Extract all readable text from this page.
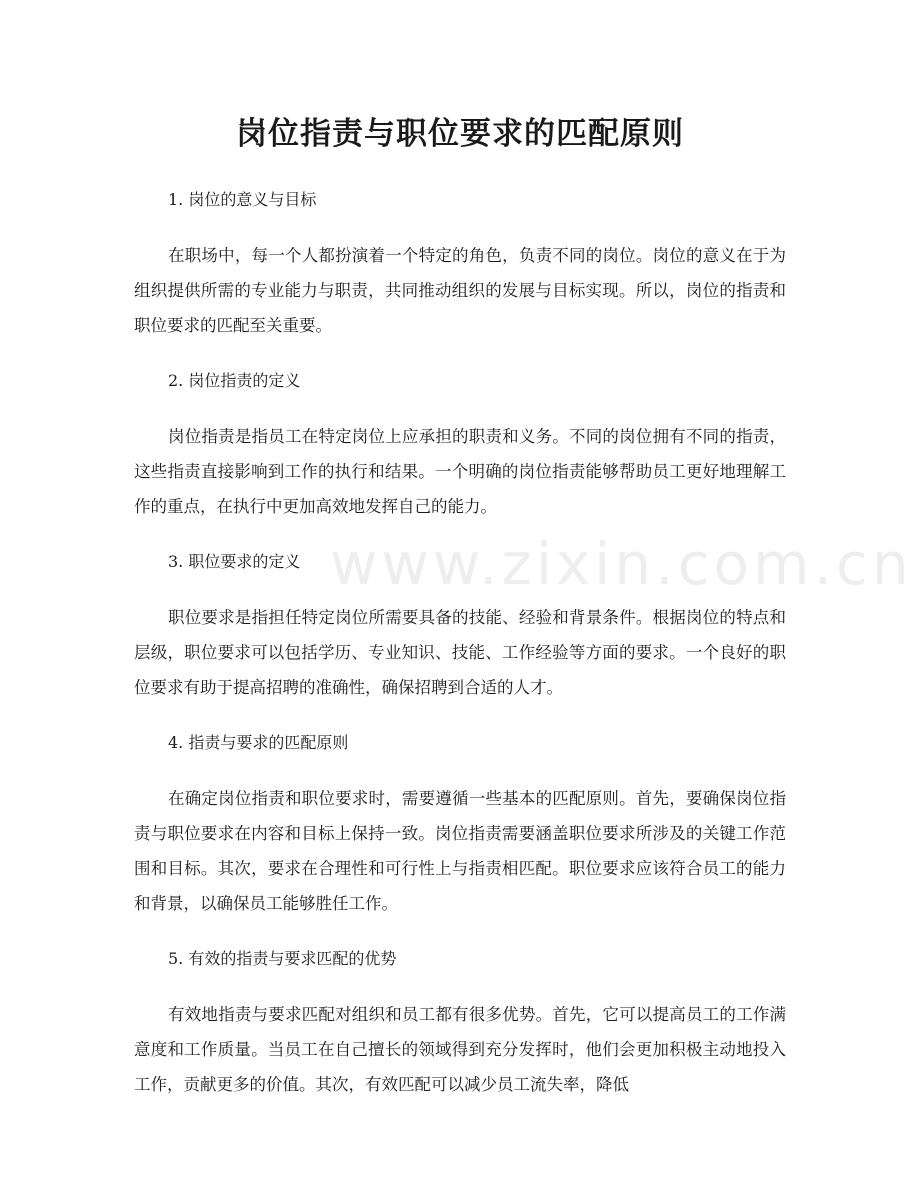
www.zixin.com.cn
岗位指责与职位要求的匹配原则
1. 岗位的意义与目标

在职场中，每一个人都扮演着一个特定的角色，负责不同的岗位。岗位的意义在于为组织提供所需的专业能力与职责，共同推动组织的发展与目标实现。所以，岗位的指责和职位要求的匹配至关重要。

2. 岗位指责的定义

岗位指责是指员工在特定岗位上应承担的职责和义务。不同的岗位拥有不同的指责，这些指责直接影响到工作的执行和结果。一个明确的岗位指责能够帮助员工更好地理解工作的重点，在执行中更加高效地发挥自己的能力。

3. 职位要求的定义

职位要求是指担任特定岗位所需要具备的技能、经验和背景条件。根据岗位的特点和层级，职位要求可以包括学历、专业知识、技能、工作经验等方面的要求。一个良好的职位要求有助于提高招聘的准确性，确保招聘到合适的人才。

4. 指责与要求的匹配原则

在确定岗位指责和职位要求时，需要遵循一些基本的匹配原则。首先，要确保岗位指责与职位要求在内容和目标上保持一致。岗位指责需要涵盖职位要求所涉及的关键工作范围和目标。其次，要求在合理性和可行性上与指责相匹配。职位要求应该符合员工的能力和背景，以确保员工能够胜任工作。

5. 有效的指责与要求匹配的优势

有效地指责与要求匹配对组织和员工都有很多优势。首先，它可以提高员工的工作满意度和工作质量。当员工在自己擅长的领域得到充分发挥时，他们会更加积极主动地投入工作，贡献更多的价值。其次，有效匹配可以减少员工流失率，降低
